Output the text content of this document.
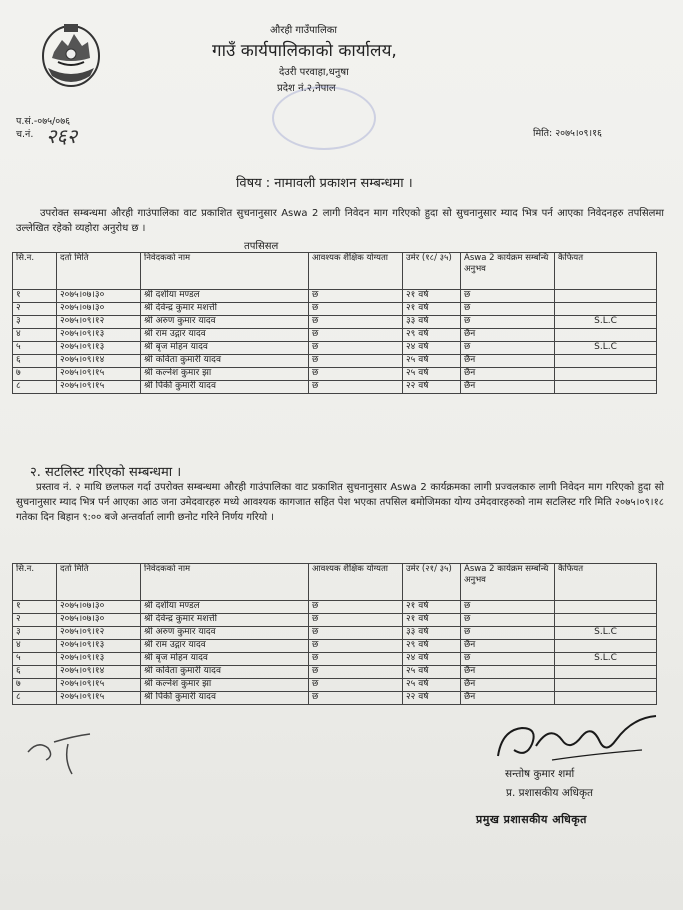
औरही गाउँपालिका
गाउँ कार्यपालिकाको कार्यालय,
देउरी परवाहा,धनुषा
प्रदेश नं.२,नेपाल
प.सं.-०७५/०७६
च.नं. २६२	मिति: २०७५।०९।१६
विषय : नामावली प्रकाशन सम्बन्धमा ।
उपरोक्त सम्बन्धमा औरही गाउंपालिका वाट प्रकाशित सुचनानुसार Aswa 2 लागी निवेदन माग गरिएको हुदा सो सुचनानुसार म्याद भित्र पर्न आएका निवेदनहरु तपसिलमा उल्लेखित रहेको व्यहोरा अनुरोध छ ।
तपसिसल
सि.न.	दर्ता मिति	निवेदकको नाम	आवश्यक शैक्षिक योग्यता	उमेर (१८/ ३५)	Aswa 2 कार्यक्रम सम्बन्धि अनुभव	कैफियत
१	२०७५।०७।३०	श्री दशीया मण्डल	छ	२१ वर्ष	छ	
२	२०७५।०७।३०	श्री देवेन्द्र कुमार मशत्ती	छ	२१ वर्ष	छ	
३	२०७५।०९।१२	श्री अरुण कुमार यादव	छ	३३ वर्ष	छ	S.L.C
४	२०७५।०९।१३	श्री राम उद्गार यादव	छ	२९ वर्ष	छैन	
५	२०७५।०९।१३	श्री बृज मोहन यादव	छ	२४ वर्ष	छ	S.L.C
६	२०७५।०९।१४	श्री कविता कुमारी यादव	छ	२५ वर्ष	छैन	
७	२०७५।०९।१५	श्री कल्नेश कुमार झा	छ	२५ वर्ष	छैन	
८	२०७५।०९।१५	श्री पिंकी कुमारी यादव	छ	२२ वर्ष	छैन	
२. सटलिस्ट गरिएको सम्बन्धमा ।
प्रस्ताव नं. २ माथि छलफल गर्दा उपरोक्त सम्बन्धमा औरही गाउंपालिका वाट प्रकाशित सुचनानुसार Aswa 2 कार्यक्रमका लागी प्रज्वलकारु लागी निवेदन माग गरिएको हुदा सो सुचनानुसार म्याद भित्र पर्न आएका आठ जना उमेदवारहरु मध्ये आवश्यक कागजात सहित पेश भएका तपसिल बमोजिमका योग्य उमेदवारहरुको नाम सटलिस्ट गरि मिति २०७५।०९।१८ गतेका दिन बिहान ९:०० बजे अन्तर्वार्ता लागी छनोट गरिने निर्णय गरियो ।
सि.न.	दर्ता मिति	निवेदकको नाम	आवश्यक शैक्षिक योग्यता	उमेर (२१/ ३५)	Aswa 2 कार्यक्रम सम्बन्धि अनुभव	कैफियत
१	२०७५।०७।३०	श्री दशीया मण्डल	छ	२१ वर्ष	छ	
२	२०७५।०७।३०	श्री देवेन्द्र कुमार मशत्ती	छ	२१ वर्ष	छ	
३	२०७५।०९।१२	श्री अरुण कुमार यादव	छ	३३ वर्ष	छ	S.L.C
४	२०७५।०९।१३	श्री राम उद्गार यादव	छ	२९ वर्ष	छैन	
५	२०७५।०९।१३	श्री बृज मोहन यादव	छ	२४ वर्ष	छ	S.L.C
६	२०७५।०९।१४	श्री कविता कुमारी यादव	छ	२५ वर्ष	छैन	
७	२०७५।०९।१५	श्री कल्नेश कुमार झा	छ	२५ वर्ष	छैन	
८	२०७५।०९।१५	श्री पिंकी कुमारी यादव	छ	२२ वर्ष	छैन	
सन्तोष कुमार शर्मा
प्र. प्रशासकीय अधिकृत
प्रमुख प्रशासकीय अधिकृत
